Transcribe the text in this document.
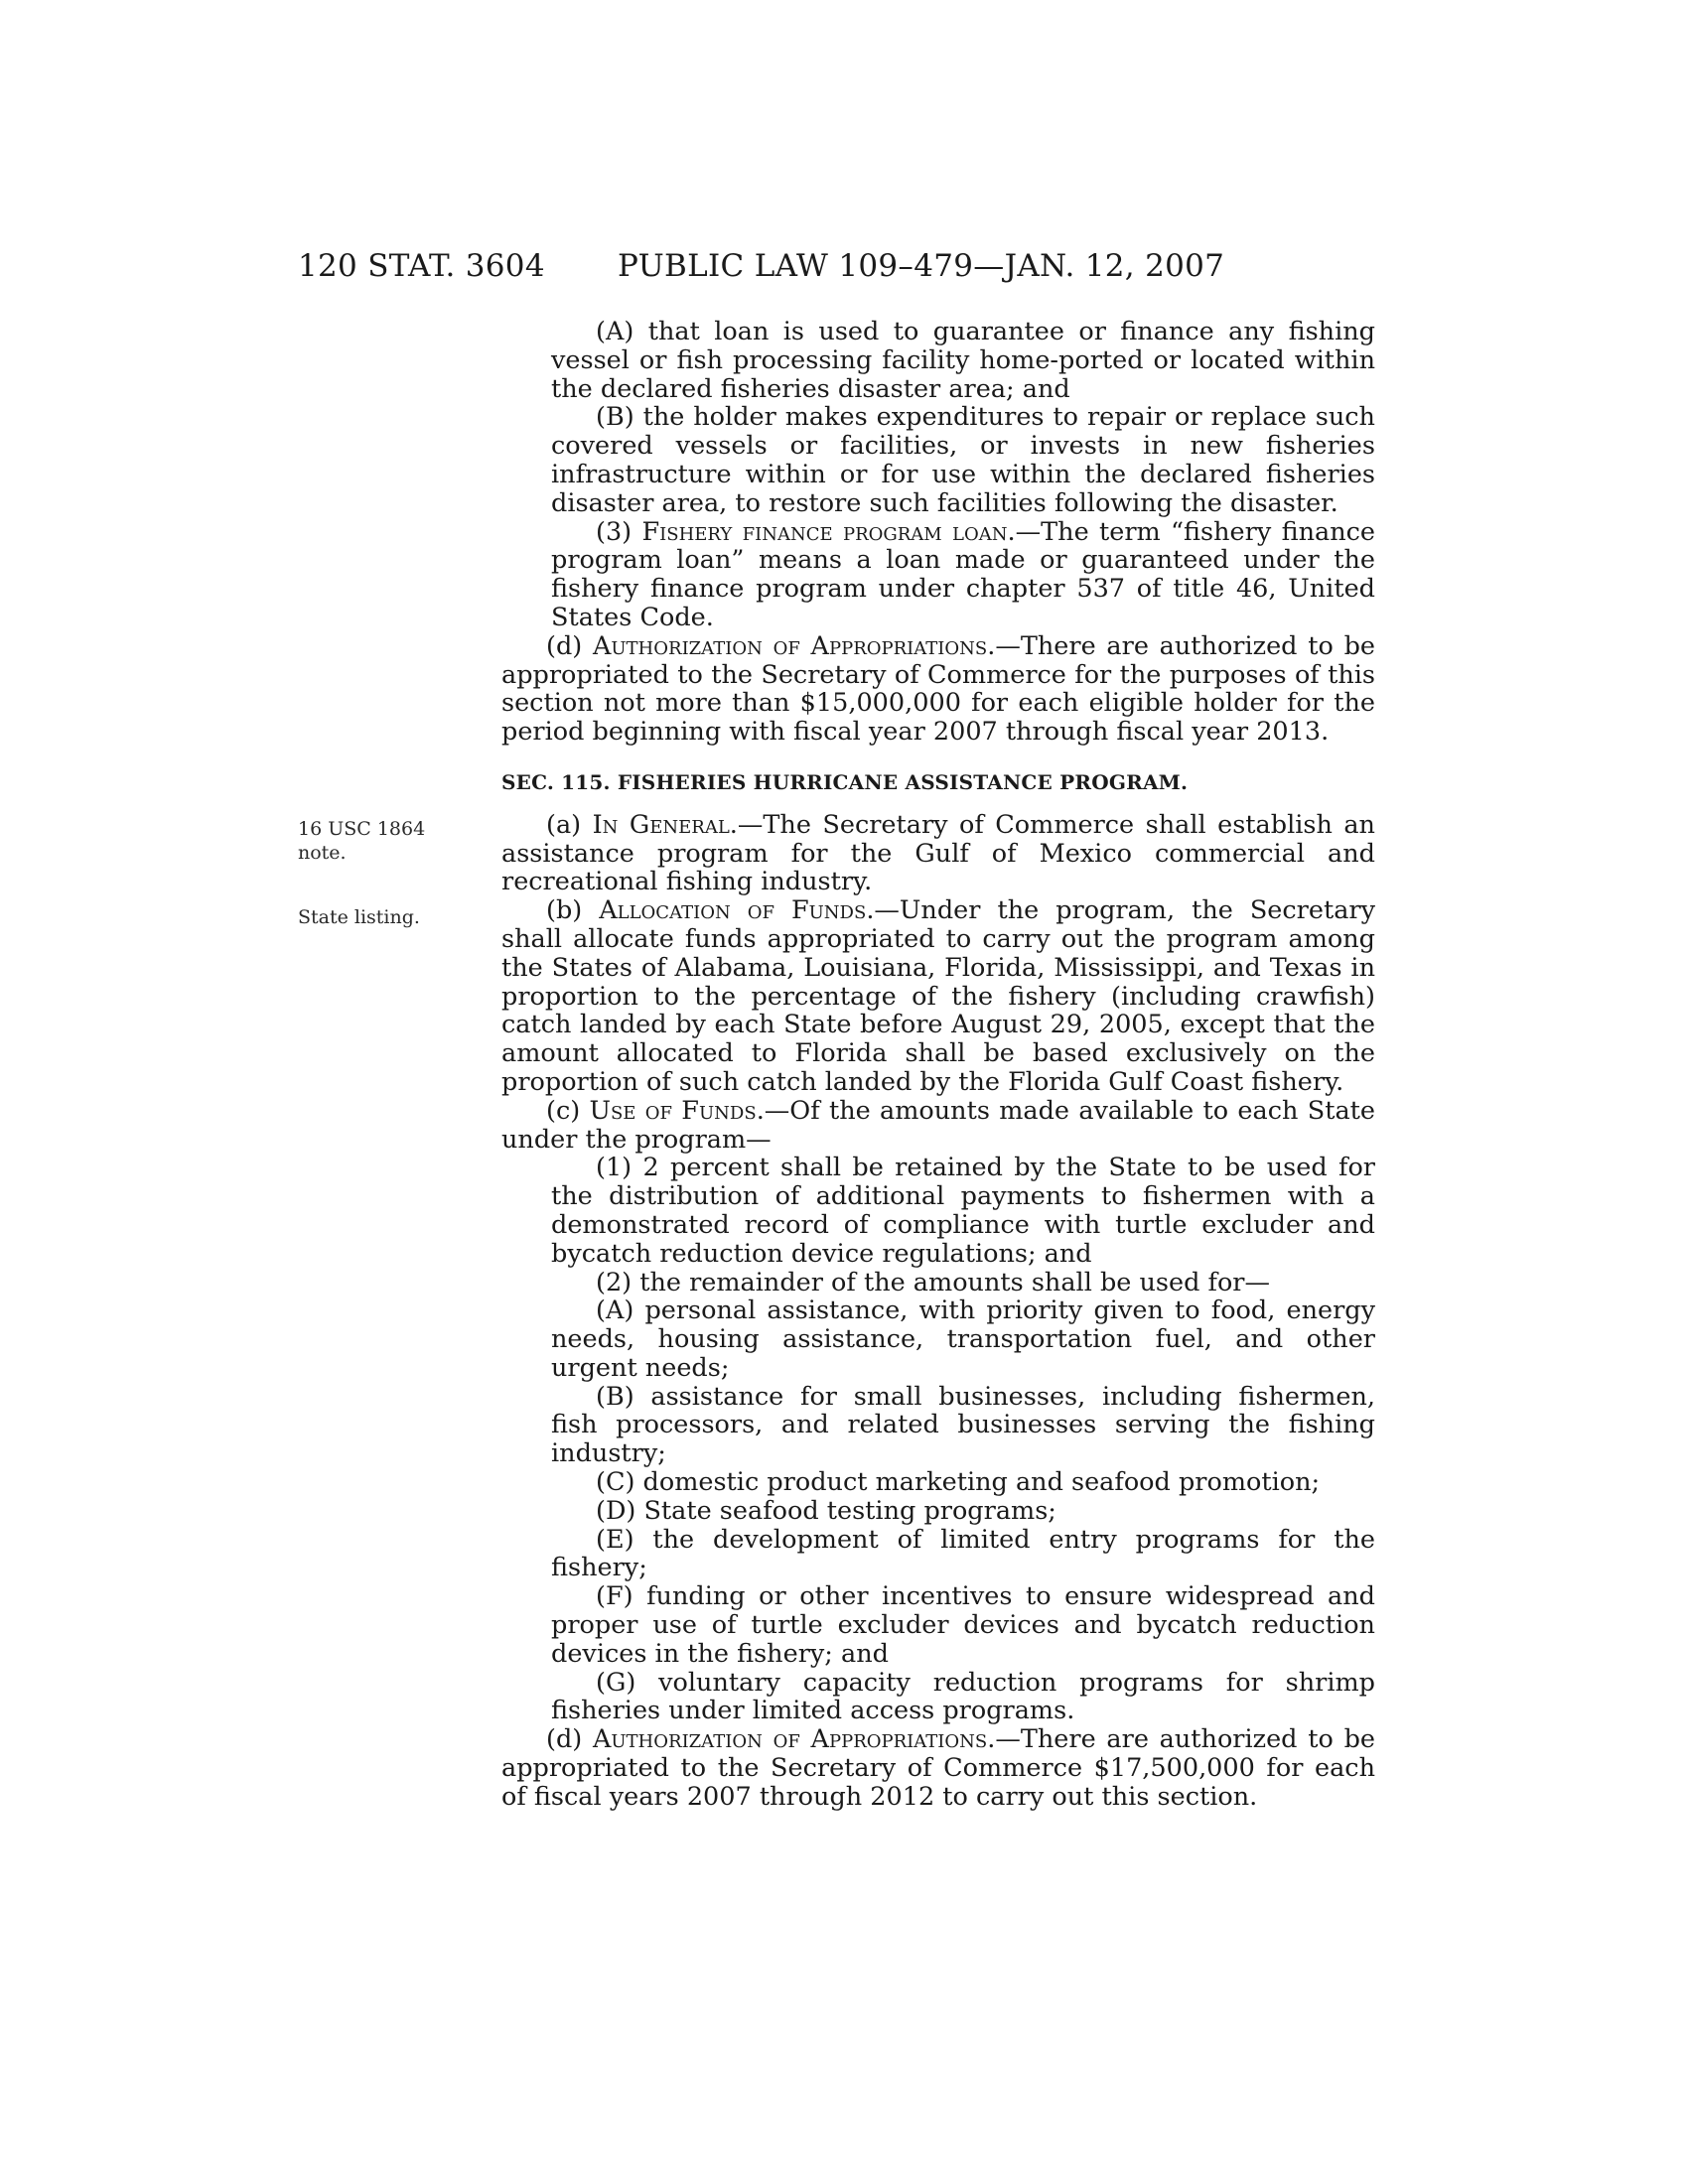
120 STAT. 3604 PUBLIC LAW 109–479—JAN. 12, 2007
16 USC 1864 note.
State listing.

(A) that loan is used to guarantee or finance any fishing vessel or fish processing facility home-ported or located within the declared fisheries disaster area; and

(B) the holder makes expenditures to repair or replace such covered vessels or facilities, or invests in new fisheries infrastructure within or for use within the declared fisheries disaster area, to restore such facilities following the disaster.

(3) Fishery finance program loan.—The term “fishery finance program loan” means a loan made or guaranteed under the fishery finance program under chapter 537 of title 46, United States Code.

(d) Authorization of Appropriations.—There are authorized to be appropriated to the Secretary of Commerce for the purposes of this section not more than $15,000,000 for each eligible holder for the period beginning with fiscal year 2007 through fiscal year 2013.

SEC. 115. FISHERIES HURRICANE ASSISTANCE PROGRAM.

(a) In General.—The Secretary of Commerce shall establish an assistance program for the Gulf of Mexico commercial and recreational fishing industry.

(b) Allocation of Funds.—Under the program, the Secretary shall allocate funds appropriated to carry out the program among the States of Alabama, Louisiana, Florida, Mississippi, and Texas in proportion to the percentage of the fishery (including crawfish) catch landed by each State before August 29, 2005, except that the amount allocated to Florida shall be based exclusively on the proportion of such catch landed by the Florida Gulf Coast fishery.

(c) Use of Funds.—Of the amounts made available to each State under the program—

(1) 2 percent shall be retained by the State to be used for the distribution of additional payments to fishermen with a demonstrated record of compliance with turtle excluder and bycatch reduction device regulations; and

(2) the remainder of the amounts shall be used for—

(A) personal assistance, with priority given to food, energy needs, housing assistance, transportation fuel, and other urgent needs;

(B) assistance for small businesses, including fishermen, fish processors, and related businesses serving the fishing industry;

(C) domestic product marketing and seafood promotion;

(D) State seafood testing programs;

(E) the development of limited entry programs for the fishery;

(F) funding or other incentives to ensure widespread and proper use of turtle excluder devices and bycatch reduction devices in the fishery; and

(G) voluntary capacity reduction programs for shrimp fisheries under limited access programs.

(d) Authorization of Appropriations.—There are authorized to be appropriated to the Secretary of Commerce $17,500,000 for each of fiscal years 2007 through 2012 to carry out this section.
